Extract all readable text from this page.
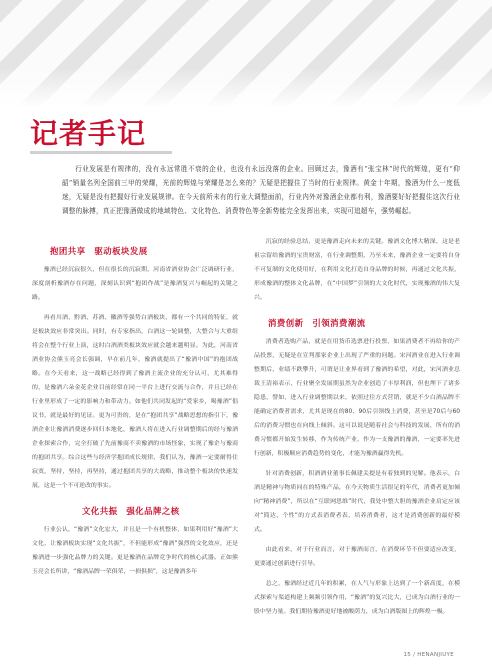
记者手记

行业发展是有规律的，没有永远常胜不衰的企业，也没有永远没落的企业。回顾过去，豫酒有“张宝林”时代的辉煌，更有“仰韶”销量名列全国前三甲的荣耀，光前的辉煌与荣耀是怎么来的？无疑是把握住了当时的行业规律。黄金十年期，豫酒为什么一度低迷，无疑是没有把握好行业发展规律。在今天前所未有的行业大调整面前，行业内外对豫酒企业都有利，豫酒要好好把握住这次行业调整的脉搏，真正把豫酒做成的地域特色、文化特色、消费特色等全新势能完全发挥出来，实现可追超车，强势崛起。

抱团共享　驱动板块发展

豫酒已经沉寂很久，但在很长的沉寂期，河南省酒业协会广泛调研行业，深度剖析豫酒存在问题，深刻认识到“抱团作战”是豫酒复兴与崛起的关键之路。

再看川酒、黔酒、苏酒、徽酒等强势白酒板块，都有一个共同的特征，就是板块效应非常突出。同时，有专家指出，白酒这一轮调整，大整合与大重组将会在整个行业上演，这时白酒酒类板块效应就会越来越明显。为此，河南省酒业协会熊玉亮会长强调，早在前几年，豫酒就提出了“豫酒中国”的抱团战略。在今天看来，这一战略已经得到了豫酒主流企业的充分认可，尤其难得的，是豫酒六朵金花企业目前经常在同一平台上进行交流与合作，并且已经在行业里形成了一定的影响力和带动力。如他们共同发起的“爱家乡，喝豫酒”倡议书，就是最好的见证。更为可贵的，是在“抱团共享”战略思想的指引下，豫酒企业让豫酒消费逐步回归本地化，豫酒人将在进入行业调整期后的经与豫酒企业探索合作，完全打破了先前豫商不卖豫酒的市场怪象，实现了豫企与豫商的抱团共享。综合这些与经济学抱团成长规律，我们认为，豫酒一定要耐得住寂寞，坚持，坚持，再坚持，通过抱团共享的大战略，推动整个板块的快速发展，这是一个不可逆改的事实。

文化共振　强化品牌之核

行业公认，“豫酒”文化宏大，并且是一个有机整体，如果利用好“豫酒”大文化，让豫酒板块实现“文化共振”，不但能形成“豫酒”强烈的文化效应，还是豫酒进一步强化品牌力的关键。更是豫酒在品牌竞争时代的核心武器。正如熊玉亮会长所讲，“豫酒品牌一荣俱荣，一损俱损”，这是豫酒多年

沉寂的经验总结，更是豫酒走向未来的关键。豫酒文化博大精深，这是老祖宗留给豫酒的宝贵财富，在行业调整期，乃至未来，豫酒企业一定要将自身不可复制的文化使用好，在利用文化打造自身品牌的时候，再通过文化共振，形成豫酒的整体文化品牌，在“中国梦”引领的大文化时代，实现豫酒的伟大复兴。

消费创新　引领消费潮流

消费者选购产品，就是在用货币选票进行投票，如果消费者不再给你的产品投票，无疑是在宣判那家企业上出现了严重的问题。宋河酒业在进入行业调整期后，业绩不跌攀升，可谓是让业界看到了豫酒的希望，对此，宋河酒业总裁王清裕表示，行业聚全发展期虽然为企业创造了丰厚利润，但也埋下了诸多隐患，譬如，进入行业调整期以来，依照过往方式营销，就是不少白酒品牌不能确定消费者需求，尤其是现在的80、90后引领线上消费，甚至是70后与60后的消费习惯也在向线上倾斜。这可以说是随着社会与科技的发展，所有的消费习惯都开始发生转移，作为传统产业，作为一支豫酒的豫酒，一定要率先进行创新，积极顺应消费趋势的变化，才能为豫酒赢得先机。

针对消费创新，积酒酒业董事长佩建关提是有着独到的见解。他表示，白酒是精神与物质同在的特殊产品，在今天物质生活很足的年代，消费者更加倾向“精神消费”，所以在“互联网思维”时代，我处中整大胆的豫酒企业肩定应该对“简达、个性”的方式表消费者表、培养消费者，这才是消费创新的最好模式。

由此看来，对于行业而言，对于豫酒而言，在消费环节不但要适应改变，更要通过创新进行引导。

总之，豫酒经过近几年的积累，在人气与形象上达到了一个新高度，在模式探索与渠道构建上频频引领作用，“豫酒”的复兴比大，已成为白酒行业的一股中坚力量。我们期待豫酒更好地被酸荫力，成为白酒版图上的辉煌一极。

15 / HENANJIUYE
